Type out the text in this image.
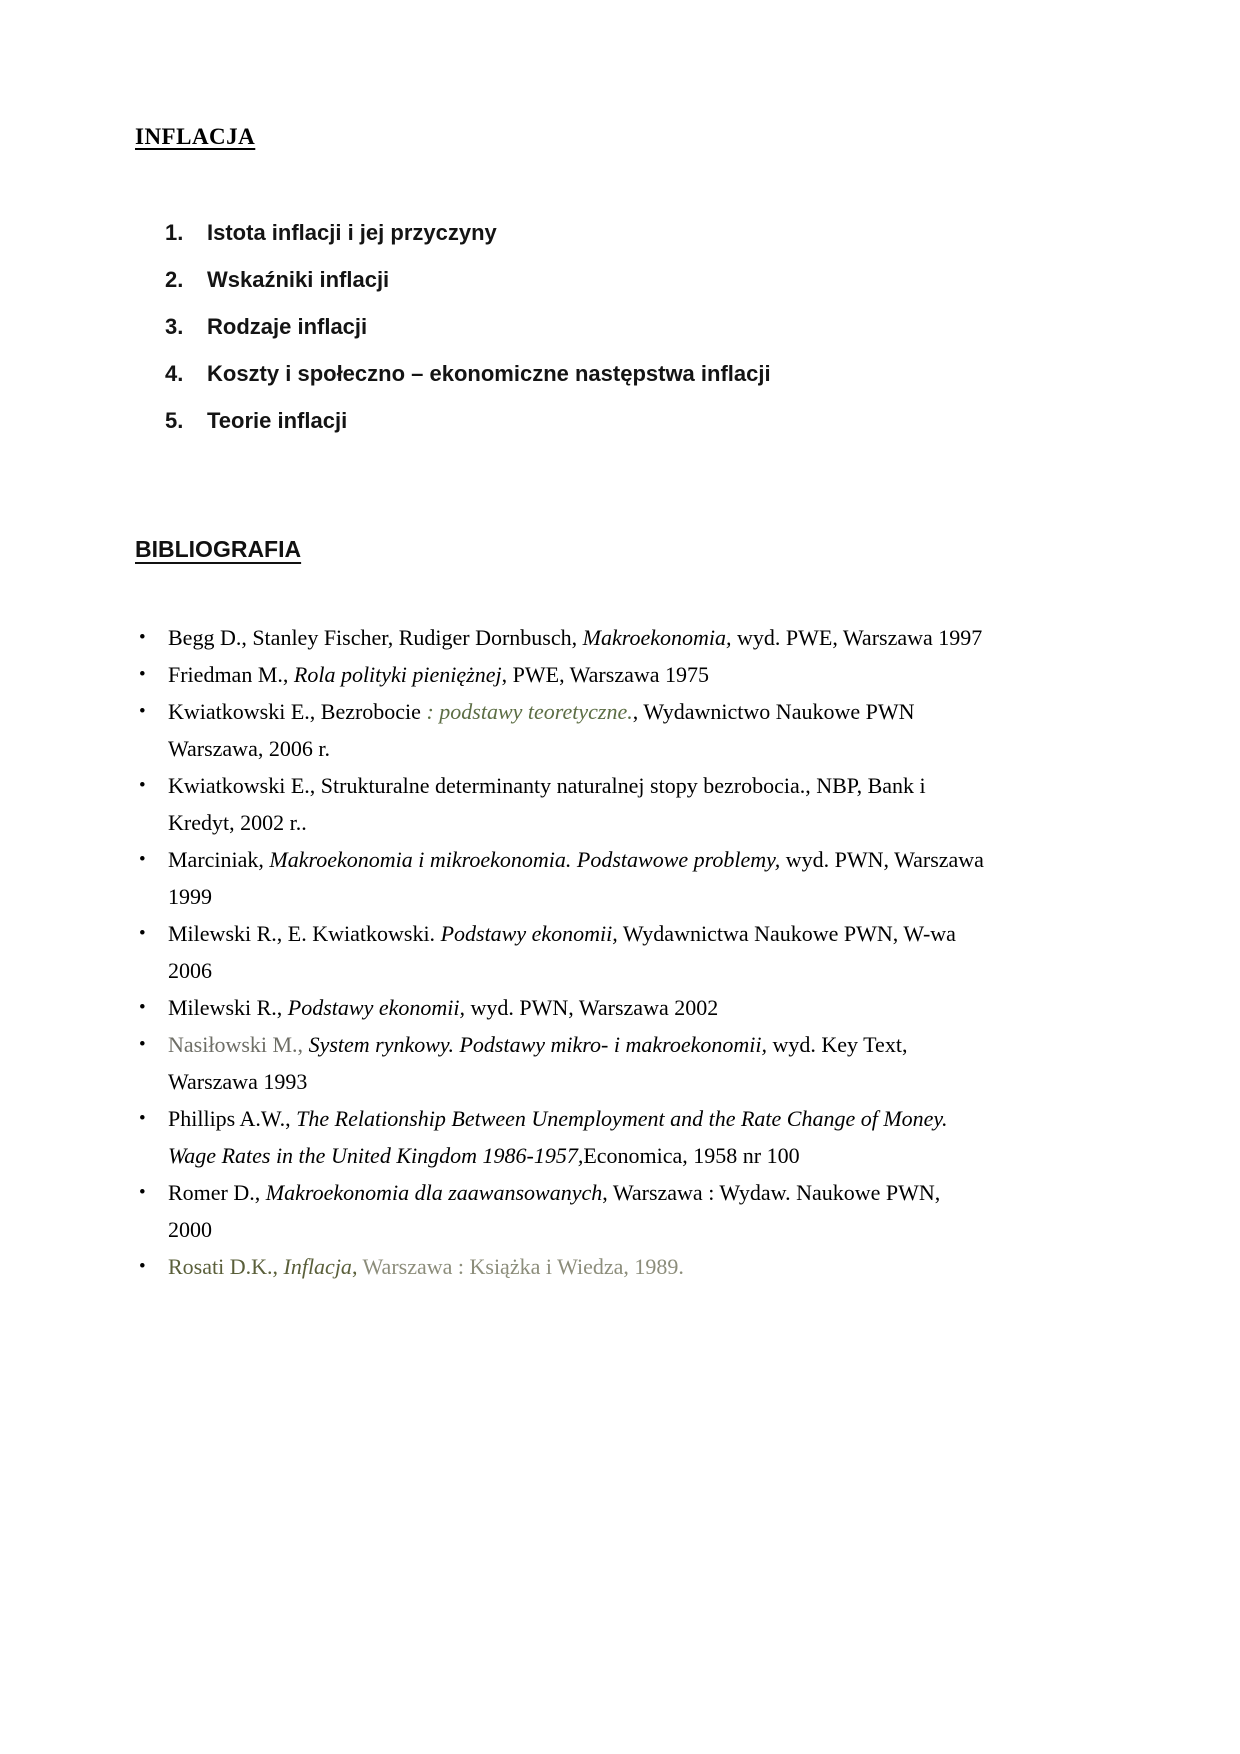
INFLACJA
1.	Istota inflacji i jej przyczyny
2.	Wskaźniki inflacji
3.	Rodzaje inflacji
4.	Koszty i społeczno – ekonomiczne następstwa inflacji
5.	Teorie inflacji
BIBLIOGRAFIA
•	Begg D., Stanley Fischer, Rudiger Dornbusch, Makroekonomia, wyd. PWE, Warszawa 1997
•	Friedman M., Rola polityki pieniężnej, PWE, Warszawa 1975
•	Kwiatkowski E., Bezrobocie : podstawy teoretyczne., Wydawnictwo Naukowe PWN Warszawa, 2006 r.
•	Kwiatkowski E., Strukturalne determinanty naturalnej stopy bezrobocia., NBP, Bank i Kredyt, 2002 r..
•	Marciniak, Makroekonomia i mikroekonomia. Podstawowe problemy, wyd. PWN, Warszawa 1999
•	Milewski R., E. Kwiatkowski. Podstawy ekonomii, Wydawnictwa Naukowe PWN, W-wa 2006
•	Milewski R., Podstawy ekonomii, wyd. PWN, Warszawa 2002
•	Nasiłowski M., System rynkowy. Podstawy mikro- i makroekonomii, wyd. Key Text, Warszawa 1993
•	Phillips A.W., The Relationship Between Unemployment and the Rate Change of Money. Wage Rates in the United Kingdom 1986-1957,Economica, 1958 nr 100
•	Romer D., Makroekonomia dla zaawansowanych, Warszawa : Wydaw. Naukowe PWN, 2000
•	Rosati D.K., Inflacja, Warszawa : Książka i Wiedza, 1989.
